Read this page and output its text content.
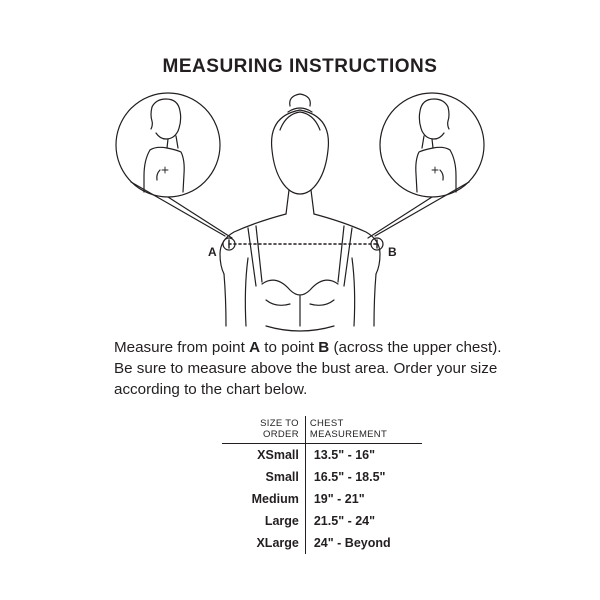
MEASURING INSTRUCTIONS
A	B
Measure from point A to point B (across the upper chest). Be sure to measure above the bust area. Order your size according to the chart below.
SIZE TO ORDER	CHEST MEASUREMENT
XSmall	13.5" - 16"
Small	16.5" - 18.5"
Medium	19" - 21"
Large	21.5" - 24"
XLarge	24" - Beyond
